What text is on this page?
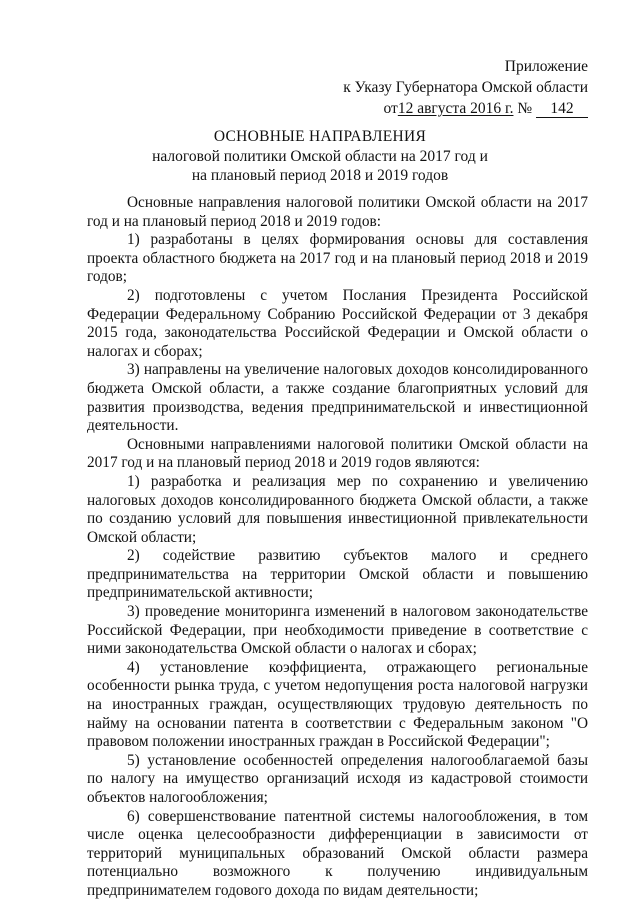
Приложение
к Указу Губернатора Омской области
от12 августа 2016 г. № 142
ОСНОВНЫЕ НАПРАВЛЕНИЯ
налоговой политики Омской области на 2017 год и
на плановый период 2018 и 2019 годов

Основные направления налоговой политики Омской области на 2017 год и на плановый период 2018 и 2019 годов:

1) разработаны в целях формирования основы для составления проекта областного бюджета на 2017 год и на плановый период 2018 и 2019 годов;

2) подготовлены с учетом Послания Президента Российской Федерации Федеральному Собранию Российской Федерации от 3 декабря 2015 года, законодательства Российской Федерации и Омской области о налогах и сборах;

3) направлены на увеличение налоговых доходов консолидированного бюджета Омской области, а также создание благоприятных условий для развития производства, ведения предпринимательской и инвестиционной деятельности.

Основными направлениями налоговой политики Омской области на 2017 год и на плановый период 2018 и 2019 годов являются:

1) разработка и реализация мер по сохранению и увеличению налоговых доходов консолидированного бюджета Омской области, а также по созданию условий для повышения инвестиционной привлекательности Омской области;

2) содействие развитию субъектов малого и среднего предпринимательства на территории Омской области и повышению предпринимательской активности;

3) проведение мониторинга изменений в налоговом законодательстве Российской Федерации, при необходимости приведение в соответствие с ними законодательства Омской области о налогах и сборах;

4) установление коэффициента, отражающего региональные особенности рынка труда, с учетом недопущения роста налоговой нагрузки на иностранных граждан, осуществляющих трудовую деятельность по найму на основании патента в соответствии с Федеральным законом "О правовом положении иностранных граждан в Российской Федерации";

5) установление особенностей определения налогооблагаемой базы по налогу на имущество организаций исходя из кадастровой стоимости объектов налогообложения;

6) совершенствование патентной системы налогообложения, в том числе оценка целесообразности дифференциации в зависимости от территорий муниципальных образований Омской области размера потенциально возможного к получению индивидуальным предпринимателем годового дохода по видам деятельности;
